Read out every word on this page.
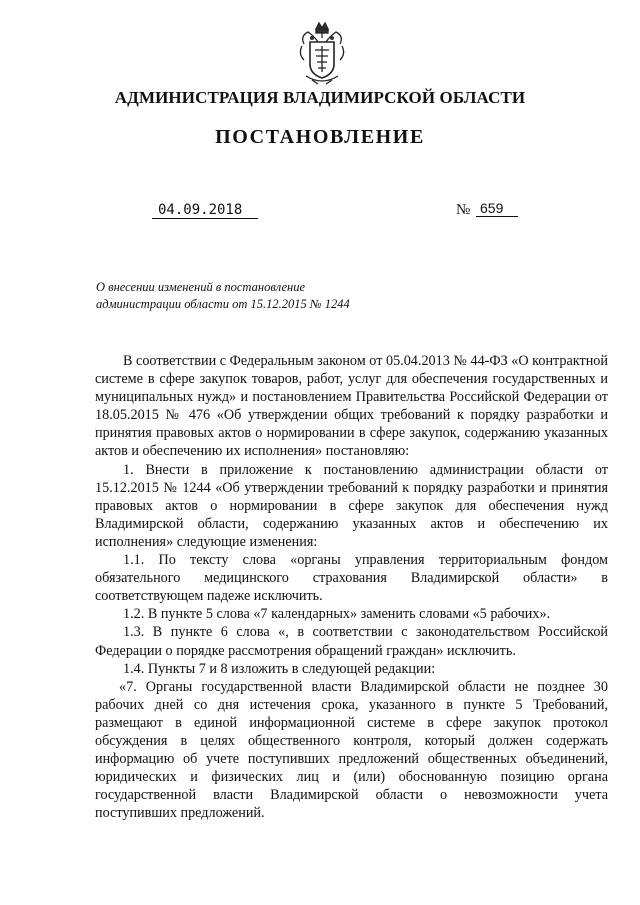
АДМИНИСТРАЦИЯ ВЛАДИМИРСКОЙ ОБЛАСТИ
ПОСТАНОВЛЕНИЕ
04.09.2018	№ 659
О внесении изменений в постановление
администрации области от 15.12.2015 № 1244

В соответствии с Федеральным законом от 05.04.2013 № 44-ФЗ «О контрактной системе в сфере закупок товаров, работ, услуг для обеспечения государственных и муниципальных нужд» и постановлением Правительства Российской Федерации от 18.05.2015 № 476 «Об утверждении общих требований к порядку разработки и принятия правовых актов о нормировании в сфере закупок, содержанию указанных актов и обеспечению их исполнения» постановляю:

1. Внести в приложение к постановлению администрации области от 15.12.2015 № 1244 «Об утверждении требований к порядку разработки и принятия правовых актов о нормировании в сфере закупок для обеспечения нужд Владимирской области, содержанию указанных актов и обеспечению их исполнения» следующие изменения:

1.1. По тексту слова «органы управления территориальным фондом обязательного медицинского страхования Владимирской области» в соответствующем падеже исключить.

1.2. В пункте 5 слова «7 календарных» заменить словами «5 рабочих».

1.3. В пункте 6 слова «, в соответствии с законодательством Российской Федерации о порядке рассмотрения обращений граждан» исключить.

1.4. Пункты 7 и 8 изложить в следующей редакции:

«7. Органы государственной власти Владимирской области не позднее 30 рабочих дней со дня истечения срока, указанного в пункте 5 Требований, размещают в единой информационной системе в сфере закупок протокол обсуждения в целях общественного контроля, который должен содержать информацию об учете поступивших предложений общественных объединений, юридических и физических лиц и (или) обоснованную позицию органа государственной власти Владимирской области о невозможности учета поступивших предложений.
